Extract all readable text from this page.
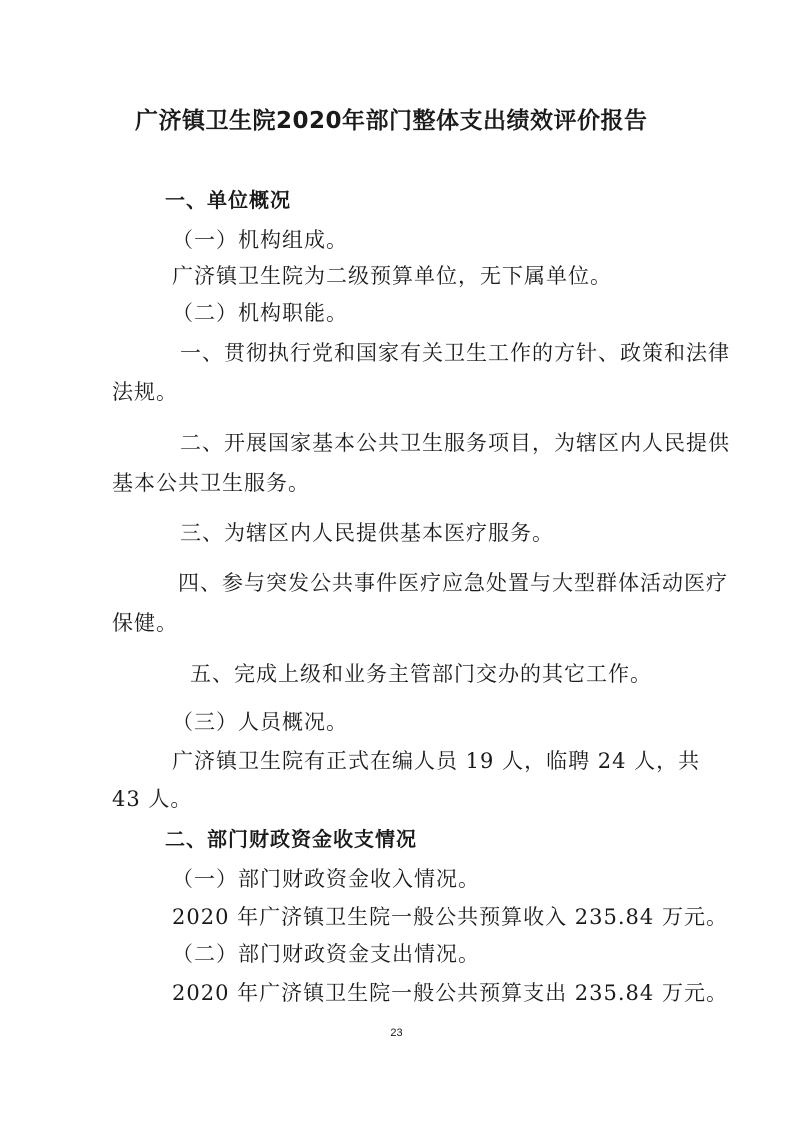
广济镇卫生院2020年部门整体支出绩效评价报告
一、单位概况
（一）机构组成。
广济镇卫生院为二级预算单位，无下属单位。
（二）机构职能。
一、贯彻执行党和国家有关卫生工作的方针、政策和法律
法规。
二、开展国家基本公共卫生服务项目，为辖区内人民提供
基本公共卫生服务。
三、为辖区内人民提供基本医疗服务。
四、参与突发公共事件医疗应急处置与大型群体活动医疗
保健。
五、完成上级和业务主管部门交办的其它工作。
（三）人员概况。
广济镇卫生院有正式在编人员 19 人，临聘 24 人，共
43 人。
二、部门财政资金收支情况
（一）部门财政资金收入情况。
2020 年广济镇卫生院一般公共预算收入 235.84 万元。
（二）部门财政资金支出情况。
2020 年广济镇卫生院一般公共预算支出 235.84 万元。
23
